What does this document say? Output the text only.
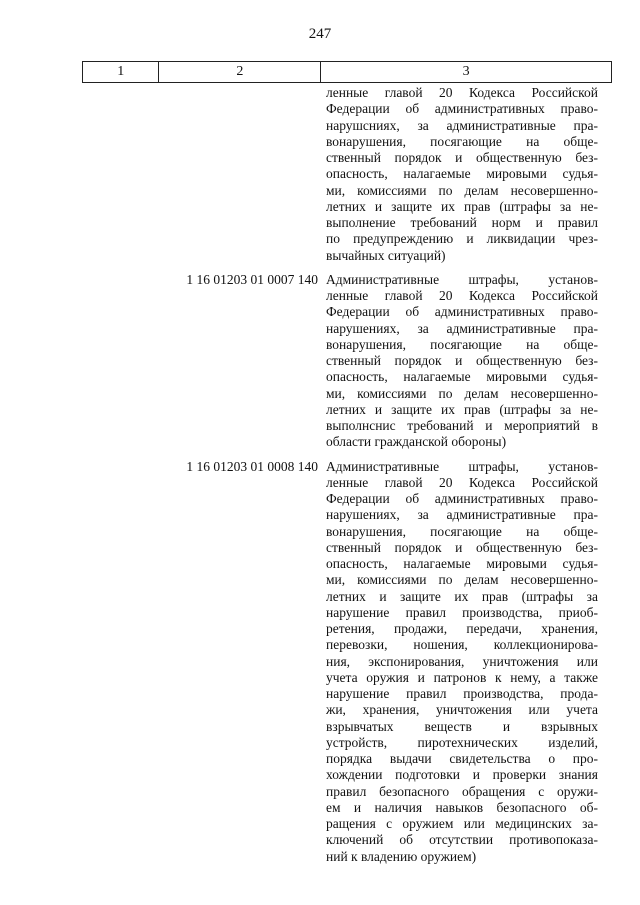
247
1	2	3
ленные главой 20 Кодекса Российской
Федерации об административных право-
нарушсниях, за административные пра-
вонарушения, посягающие на обще-
ственный порядок и общественную без-
опасность, налагаемые мировыми судья-
ми, комиссиями по делам несовершенно-
летних и защите их прав (штрафы за не-
выполнение требований норм и правил
по предупреждению и ликвидации чрез-
вычайных ситуаций)
1 16 01203 01 0007 140 Административные штрафы, установ-
ленные главой 20 Кодекса Российской
Федерации об административных право-
нарушениях, за административные пра-
вонарушения, посягающие на обще-
ственный порядок и общественную без-
опасность, налагаемые мировыми судья-
ми, комиссиями по делам несовершенно-
летних и защите их прав (штрафы за не-
выполнснис требований и мероприятий в
области гражданской обороны)
1 16 01203 01 0008 140 Административные штрафы, установ-
ленные главой 20 Кодекса Российской
Федерации об административных право-
нарушениях, за административные пра-
вонарушения, посягающие на обще-
ственный порядок и общественную без-
опасность, налагаемые мировыми судья-
ми, комиссиями по делам несовершенно-
летних и защите их прав (штрафы за
нарушение правил производства, приоб-
ретения, продажи, передачи, хранения,
перевозки, ношения, коллекционирова-
ния, экспонирования, уничтожения или
учета оружия и патронов к нему, а также
нарушение правил производства, прода-
жи, хранения, уничтожения или учета
взрывчатых веществ и взрывных
устройств, пиротехнических изделий,
порядка выдачи свидетельства о про-
хождении подготовки и проверки знания
правил безопасного обращения с оружи-
ем и наличия навыков безопасного об-
ращения с оружием или медицинских за-
ключений об отсутствии противопоказа-
ний к владению оружием)
